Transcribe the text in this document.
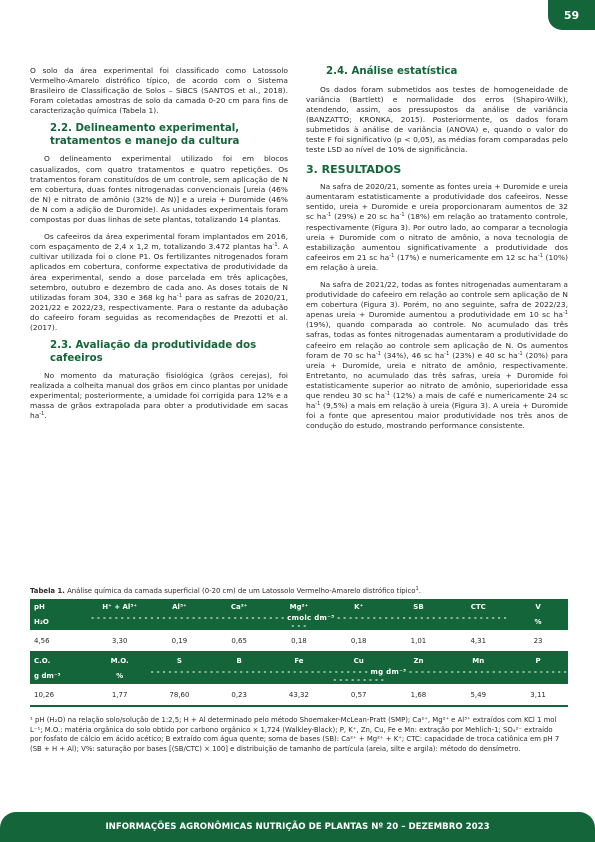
59

O solo da área experimental foi classificado como Latossolo Vermelho-Amarelo distrófico típico, de acordo com o Sistema Brasileiro de Classificação de Solos – SiBCS (SANTOS et al., 2018). Foram coletadas amostras de solo da camada 0-20 cm para fins de caracterização química (Tabela 1).

2.2. Delineamento experimental, tratamentos e manejo da cultura

O delineamento experimental utilizado foi em blocos casualizados, com quatro tratamentos e quatro repetições. Os tratamentos foram constituídos de um controle, sem aplicação de N em cobertura, duas fontes nitrogenadas convencionais [ureia (46% de N) e nitrato de amônio (32% de N)] e a ureia + Duromide (46% de N com a adição de Duromide). As unidades experimentais foram compostas por duas linhas de sete plantas, totalizando 14 plantas.

Os cafeeiros da área experimental foram implantados em 2016, com espaçamento de 2,4 x 1,2 m, totalizando 3.472 plantas $ha^{-1}$. A cultivar utilizada foi o clone P1. Os fertilizantes nitrogenados foram aplicados em cobertura, conforme expectativa de produtividade da área experimental, sendo a dose parcelada em três aplicações, setembro, outubro e dezembro de cada ano. As doses totais de N utilizadas foram 304, 330 e 368 kg $ha^{-1}$ para as safras de 2020/21, 2021/22 e 2022/23, respectivamente. Para o restante da adubação do cafeeiro foram seguidas as recomendações de Prezotti et al. (2017).

2.3. Avaliação da produtividade dos cafeeiros

No momento da maturação fisiológica (grãos cerejas), foi realizada a colheita manual dos grãos em cinco plantas por unidade experimental; posteriormente, a umidade foi corrigida para 12% e a massa de grãos extrapolada para obter a produtividade em sacas $ha^{-1}$.

2.4. Análise estatística

Os dados foram submetidos aos testes de homogeneidade de variância (Bartlett) e normalidade dos erros (Shapiro-Wilk), atendendo, assim, aos pressupostos da análise de variância (BANZATTO; KRONKA, 2015). Posteriormente, os dados foram submetidos à análise de variância (ANOVA) e, quando o valor do teste F foi significativo (p < 0,05), as médias foram comparadas pelo teste LSD ao nível de 10% de significância.

3. RESULTADOS

Na safra de 2020/21, somente as fontes ureia + Duromide e ureia aumentaram estatisticamente a produtividade dos cafeeiros. Nesse sentido, ureia + Duromide e ureia proporcionaram aumentos de 32 sc $ha^{-1}$ (29%) e 20 sc $ha^{-1}$ (18%) em relação ao tratamento controle, respectivamente (Figura 3). Por outro lado, ao comparar a tecnologia ureia + Duromide com o nitrato de amônio, a nova tecnologia de estabilização aumentou significativamente a produtividade dos cafeeiros em 21 sc $ha^{-1}$ (17%) e numericamente em 12 sc $ha^{-1}$ (10%) em relação à ureia.

Na safra de 2021/22, todas as fontes nitrogenadas aumentaram a produtividade do cafeeiro em relação ao controle sem aplicação de N em cobertura (Figura 3). Porém, no ano seguinte, safra de 2022/23, apenas ureia + Duromide aumentou a produtividade em 10 sc $ha^{-1}$ (19%), quando comparada ao controle. No acumulado das três safras, todas as fontes nitrogenadas aumentaram a produtividade do cafeeiro em relação ao controle sem aplicação de N. Os aumentos foram de 70 sc $ha^{-1}$ (34%), 46 sc $ha^{-1}$ (23%) e 40 sc $ha^{-1}$ (20%) para ureia + Duromide, ureia e nitrato de amônio, respectivamente. Entretanto, no acumulado das três safras, ureia + Duromide foi estatisticamente superior ao nitrato de amônio, superioridade essa que rendeu 30 sc $ha^{-1}$ (12%) a mais de café e numericamente 24 sc $ha^{-1}$ (9,5%) a mais em relação à ureia (Figura 3). A ureia + Duromide foi a fonte que apresentou maior produtividade nos três anos de condução do estudo, mostrando performance consistente.

Tabela 1. Análise química da camada superficial (0-20 cm) de um Latossolo Vermelho-Amarelo distrófico típico$^1$.
pH	H⁺ + Al³⁺	Al³⁺	Ca²⁺	Mg²⁺	K⁺	SB	CTC	V
H₂O	- - - - - - - - - - - - - - - - - - - - - - - - - - - - - - - - - cmolc dm⁻³ - - - - - - - - - - - - - - - - - - - - - - - - - - - - - - - -							%
4,56	3,30	0,19	0,65	0,18	0,18	1,01	4,31	23
C.O.	M.O.	S	B	Fe	Cu	Zn	Mn	P
g dm⁻³	%	- - - - - - - - - - - - - - - - - - - - - - - - - - - - - - - - - - - - - mg dm⁻³ - - - - - - - - - - - - - - - - - - - - - - - - - - - - - - - - - - - -						
10,26	1,77	78,60	0,23	43,32	0,57	1,68	5,49	3,11
¹ pH (H₂O) na relação solo/solução de 1:2,5; H + Al determinado pelo método Shoemaker-McLean-Pratt (SMP); Ca²⁺, Mg²⁺ e Al³⁺ extraídos com KCl 1 mol L⁻¹; M.O.: matéria orgânica do solo obtido por carbono orgânico × 1,724 (Walkley-Black); P, K⁺, Zn, Cu, Fe e Mn: extração por Mehlich-1; SO₄²⁻ extraído por fosfato de cálcio em ácido acético; B extraído com água quente; soma de bases (SB): Ca²⁺ + Mg²⁺ + K⁺; CTC: capacidade de troca catiônica em pH 7 (SB + H + Al); V%: saturação por bases [(SB/CTC) × 100] e distribuição de tamanho de partícula (areia, silte e argila): método do densímetro.
INFORMAÇÕES AGRONÔMICAS NUTRIÇÃO DE PLANTAS Nº 20 – DEZEMBRO 2023
